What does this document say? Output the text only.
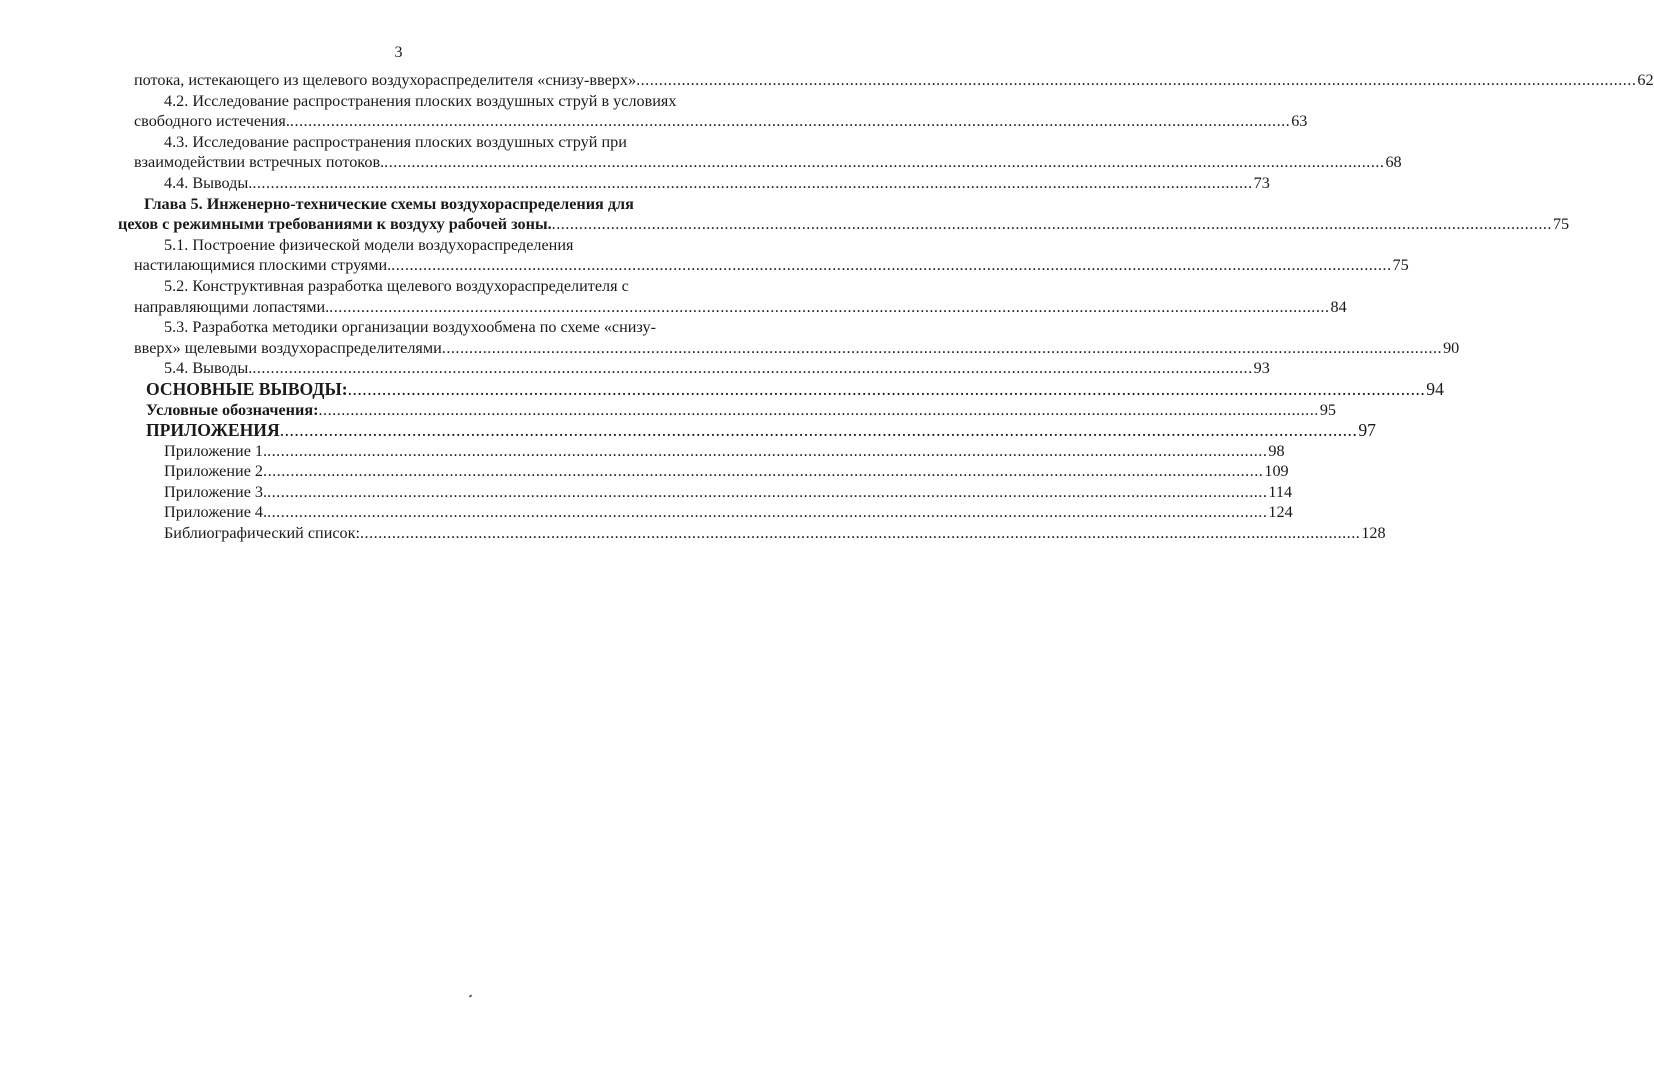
3
потока, истекающего из щелевого воздухораспределителя «снизу-вверх» ............................................................................................................................................................................................................................ 62
4.2. Исследование распространения плоских воздушных струй в условиях
свободного истечения. ............................................................................................................................................................................................................................ 63
4.3. Исследование распространения плоских воздушных струй при
взаимодействии встречных потоков. ............................................................................................................................................................................................................................ 68
4.4. Выводы. ............................................................................................................................................................................................................................ 73
Глава 5. Инженерно-технические схемы воздухораспределения для
цехов с режимными требованиями к воздуху рабочей зоны. ............................................................................................................................................................................................................................ 75
5.1. Построение физической модели воздухораспределения
настилающимися плоскими струями. ............................................................................................................................................................................................................................ 75
5.2. Конструктивная разработка щелевого воздухораспределителя с
направляющими лопастями. ............................................................................................................................................................................................................................ 84
5.3. Разработка методики организации воздухообмена по схеме «снизу-
вверх» щелевыми воздухораспределителями ............................................................................................................................................................................................................................ 90
5.4. Выводы. ............................................................................................................................................................................................................................ 93
ОСНОВНЫЕ ВЫВОДЫ: ............................................................................................................................................................................................................................ 94
Условные обозначения: ............................................................................................................................................................................................................................ 95
ПРИЛОЖЕНИЯ ............................................................................................................................................................................................................................ 97
Приложение 1. ............................................................................................................................................................................................................................ 98
Приложение 2 ............................................................................................................................................................................................................................ 109
Приложение 3. ............................................................................................................................................................................................................................ 114
Приложение 4. ............................................................................................................................................................................................................................ 124
Библиографический список: ............................................................................................................................................................................................................................ 128
